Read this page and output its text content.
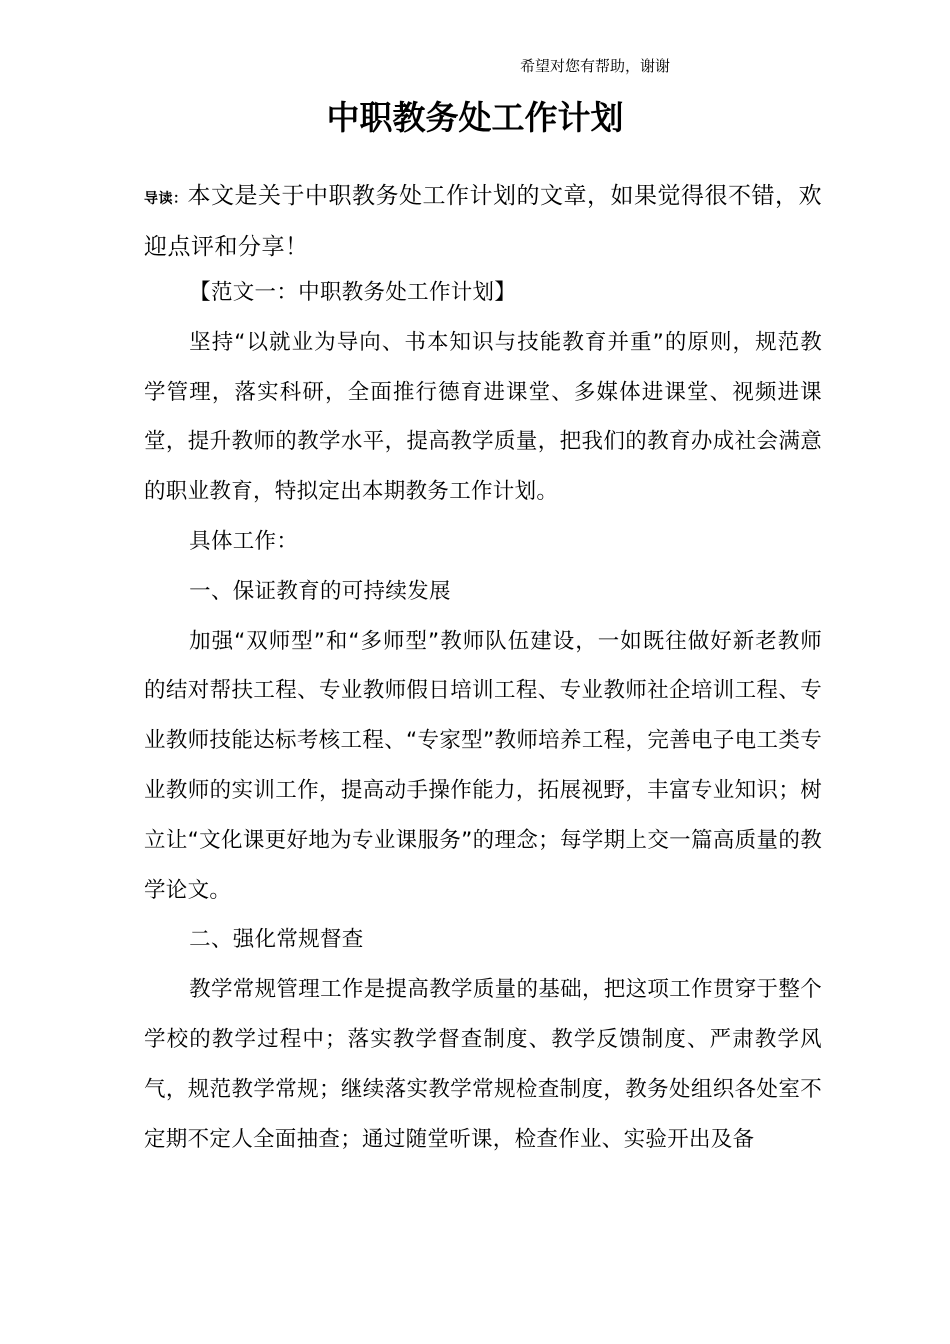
希望对您有帮助，谢谢
中职教务处工作计划
导读：本文是关于中职教务处工作计划的文章，如果觉得很不错，欢迎点评和分享！

【范文一：中职教务处工作计划】

坚持“以就业为导向、书本知识与技能教育并重”的原则，规范教学管理，落实科研，全面推行德育进课堂、多媒体进课堂、视频进课堂，提升教师的教学水平，提高教学质量，把我们的教育办成社会满意的职业教育，特拟定出本期教务工作计划。

具体工作：

一、保证教育的可持续发展

加强“双师型”和“多师型”教师队伍建设，一如既往做好新老教师的结对帮扶工程、专业教师假日培训工程、专业教师社企培训工程、专业教师技能达标考核工程、“专家型”教师培养工程，完善电子电工类专业教师的实训工作，提高动手操作能力，拓展视野，丰富专业知识；树立让“文化课更好地为专业课服务”的理念；每学期上交一篇高质量的教学论文。

二、强化常规督查

教学常规管理工作是提高教学质量的基础，把这项工作贯穿于整个学校的教学过程中；落实教学督查制度、教学反馈制度、严肃教学风气，规范教学常规；继续落实教学常规检查制度，教务处组织各处室不定期不定人全面抽查；通过随堂听课，检查作业、实验开出及备
